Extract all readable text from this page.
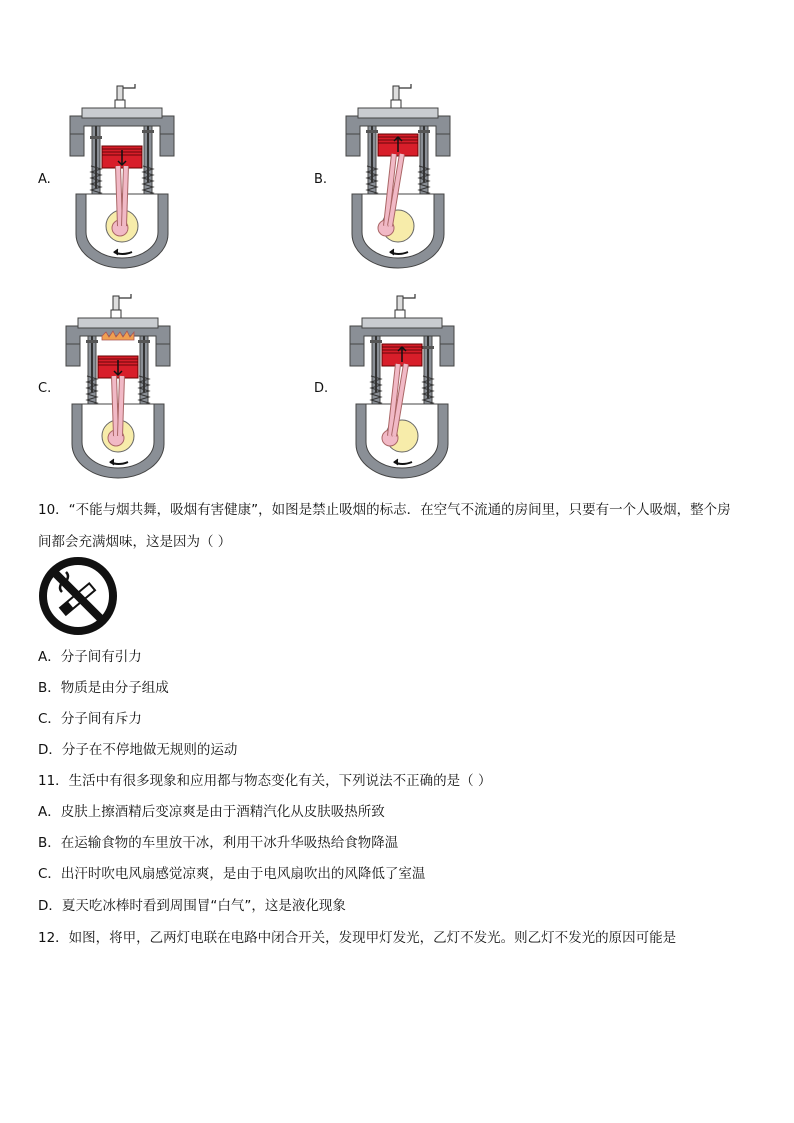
A.	B.
C.	D.
10．“不能与烟共舞，吸烟有害健康”，如图是禁止吸烟的标志．在空气不流通的房间里，只要有一个人吸烟，整个房
间都会充满烟味，这是因为（ ）
A．分子间有引力
B．物质是由分子组成
C．分子间有斥力
D．分子在不停地做无规则的运动
11．生活中有很多现象和应用都与物态变化有关，下列说法不正确的是（ ）
A．皮肤上擦酒精后变凉爽是由于酒精汽化从皮肤吸热所致
B．在运输食物的车里放干冰，利用干冰升华吸热给食物降温
C．出汗时吹电风扇感觉凉爽，是由于电风扇吹出的风降低了室温
D．夏天吃冰棒时看到周围冒“白气”，这是液化现象
12．如图，将甲，乙两灯电联在电路中闭合开关，发现甲灯发光，乙灯不发光。则乙灯不发光的原因可能是
